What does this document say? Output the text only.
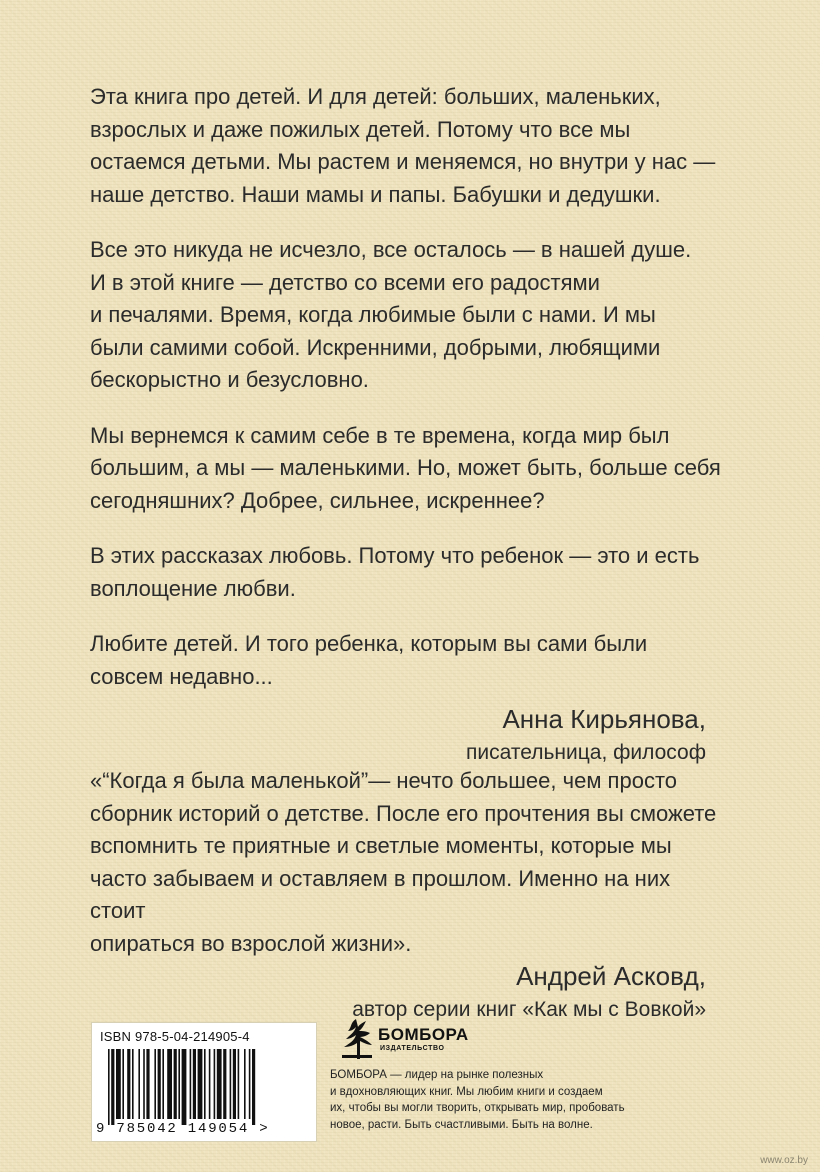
Эта книга про детей. И для детей: больших, маленьких,
взрослых и даже пожилых детей. Потому что все мы
остаемся детьми. Мы растем и меняемся, но внутри у нас —
наше детство. Наши мамы и папы. Бабушки и дедушки.

Все это никуда не исчезло, все осталось — в нашей душе.
И в этой книге — детство со всеми его радостями
и печалями. Время, когда любимые были с нами. И мы
были самими собой. Искренними, добрыми, любящими
бескорыстно и безусловно.

Мы вернемся к самим себе в те времена, когда мир был
большим, а мы — маленькими. Но, может быть, больше себя
сегодняшних? Добрее, сильнее, искреннее?

В этих рассказах любовь. Потому что ребенок — это и есть
воплощение любви.

Любите детей. И того ребенка, которым вы сами были
совсем недавно...

Анна Кирьянова,
писательница, философ

«“Когда я была маленькой”— нечто большее, чем просто
сборник историй о детстве. После его прочтения вы сможете
вспомнить те приятные и светлые моменты, которые мы
часто забываем и оставляем в прошлом. Именно на них стоит
опираться во взрослой жизни».

Андрей Асковд,
автор серии книг «Как мы с Вовкой»
ISBN 978-5-04-214905-4
9 785042 149054 >
БОМБОРА
ИЗДАТЕЛЬСТВО
БОМБОРА — лидер на рынке полезных
и вдохновляющих книг. Мы любим книги и создаем
их, чтобы вы могли творить, открывать мир, пробовать
новое, расти. Быть счастливыми. Быть на волне.
www.oz.by
